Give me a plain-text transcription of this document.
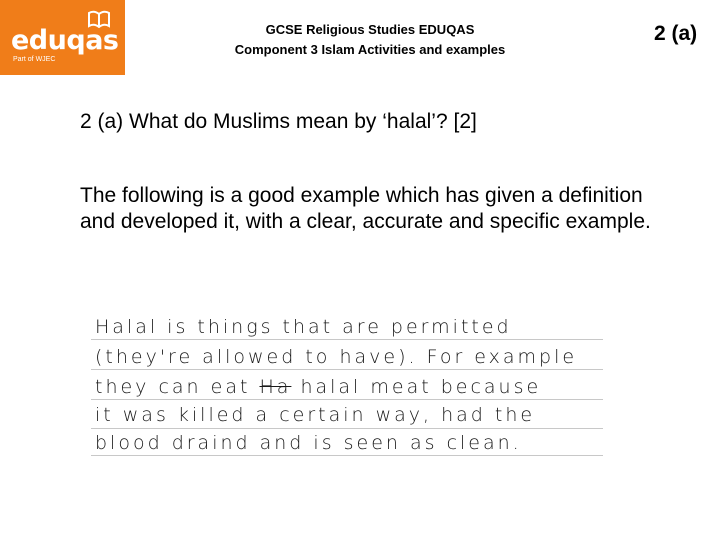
eduqas
Part of WJEC
GCSE Religious Studies EDUQAS
Component 3 Islam Activities and examples
2 (a)
2 (a) What do Muslims mean by ‘halal’? [2]
The following is a good example which has given a definition and developed it, with a clear, accurate and specific example.
Halal is things that are permitted
(they're allowed to have). For example
they can eat Ha halal meat because
it was killed a certain way, had the
blood draind and is seen as clean.
